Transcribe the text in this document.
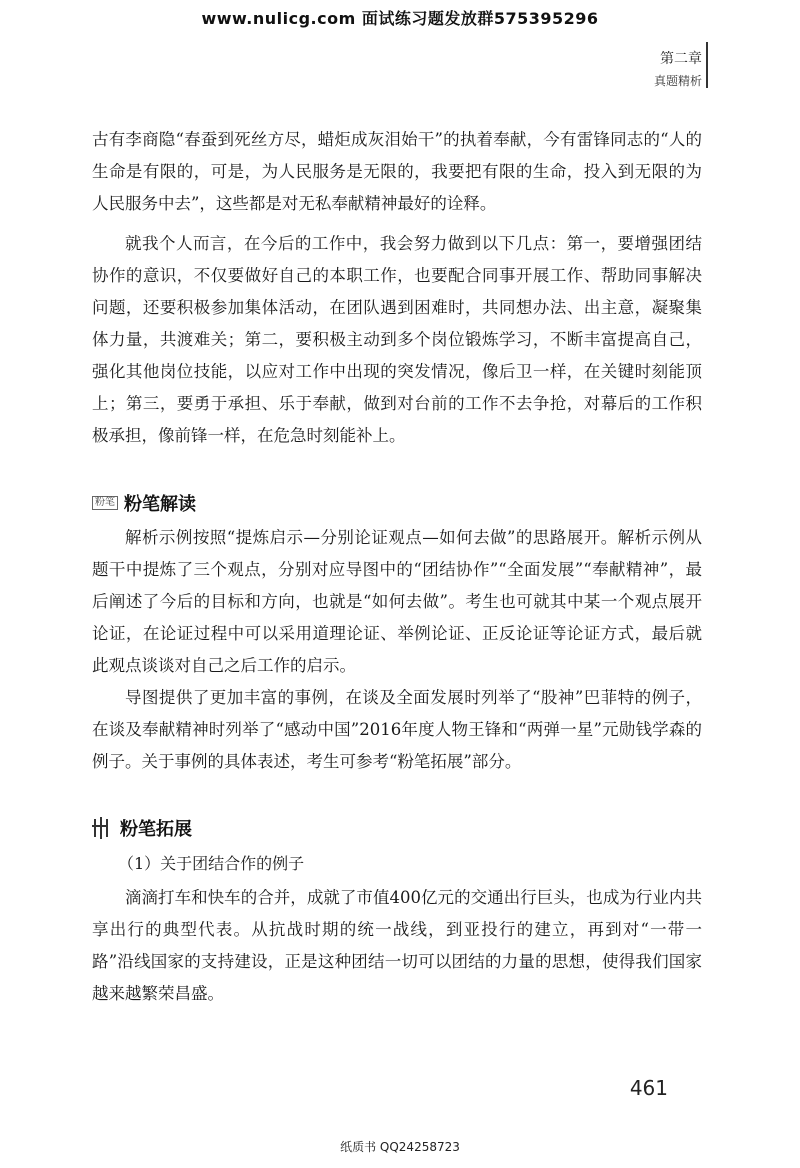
www.nulicg.com 面试练习题发放群575395296
第二章
真题精析

古有李商隐“春蚕到死丝方尽，蜡炬成灰泪始干”的执着奉献，今有雷锋同志的“人的生命是有限的，可是，为人民服务是无限的，我要把有限的生命，投入到无限的为人民服务中去”，这些都是对无私奉献精神最好的诠释。

就我个人而言，在今后的工作中，我会努力做到以下几点：第一，要增强团结协作的意识，不仅要做好自己的本职工作，也要配合同事开展工作、帮助同事解决问题，还要积极参加集体活动，在团队遇到困难时，共同想办法、出主意，凝聚集体力量，共渡难关；第二，要积极主动到多个岗位锻炼学习，不断丰富提高自己，强化其他岗位技能，以应对工作中出现的突发情况，像后卫一样，在关键时刻能顶上；第三，要勇于承担、乐于奉献，做到对台前的工作不去争抢，对幕后的工作积极承担，像前锋一样，在危急时刻能补上。

粉笔 粉笔解读

解析示例按照“提炼启示—分别论证观点—如何去做”的思路展开。解析示例从题干中提炼了三个观点，分别对应导图中的“团结协作”“全面发展”“奉献精神”，最后阐述了今后的目标和方向，也就是“如何去做”。考生也可就其中某一个观点展开论证，在论证过程中可以采用道理论证、举例论证、正反论证等论证方式，最后就此观点谈谈对自己之后工作的启示。

导图提供了更加丰富的事例，在谈及全面发展时列举了“股神”巴菲特的例子，在谈及奉献精神时列举了“感动中国”2016年度人物王锋和“两弹一星”元勋钱学森的例子。关于事例的具体表述，考生可参考“粉笔拓展”部分。

粉笔拓展
（1）关于团结合作的例子

滴滴打车和快车的合并，成就了市值400亿元的交通出行巨头，也成为行业内共享出行的典型代表。从抗战时期的统一战线，到亚投行的建立，再到对“一带一路”沿线国家的支持建设，正是这种团结一切可以团结的力量的思想，使得我们国家越来越繁荣昌盛。

461
纸质书 QQ24258723
